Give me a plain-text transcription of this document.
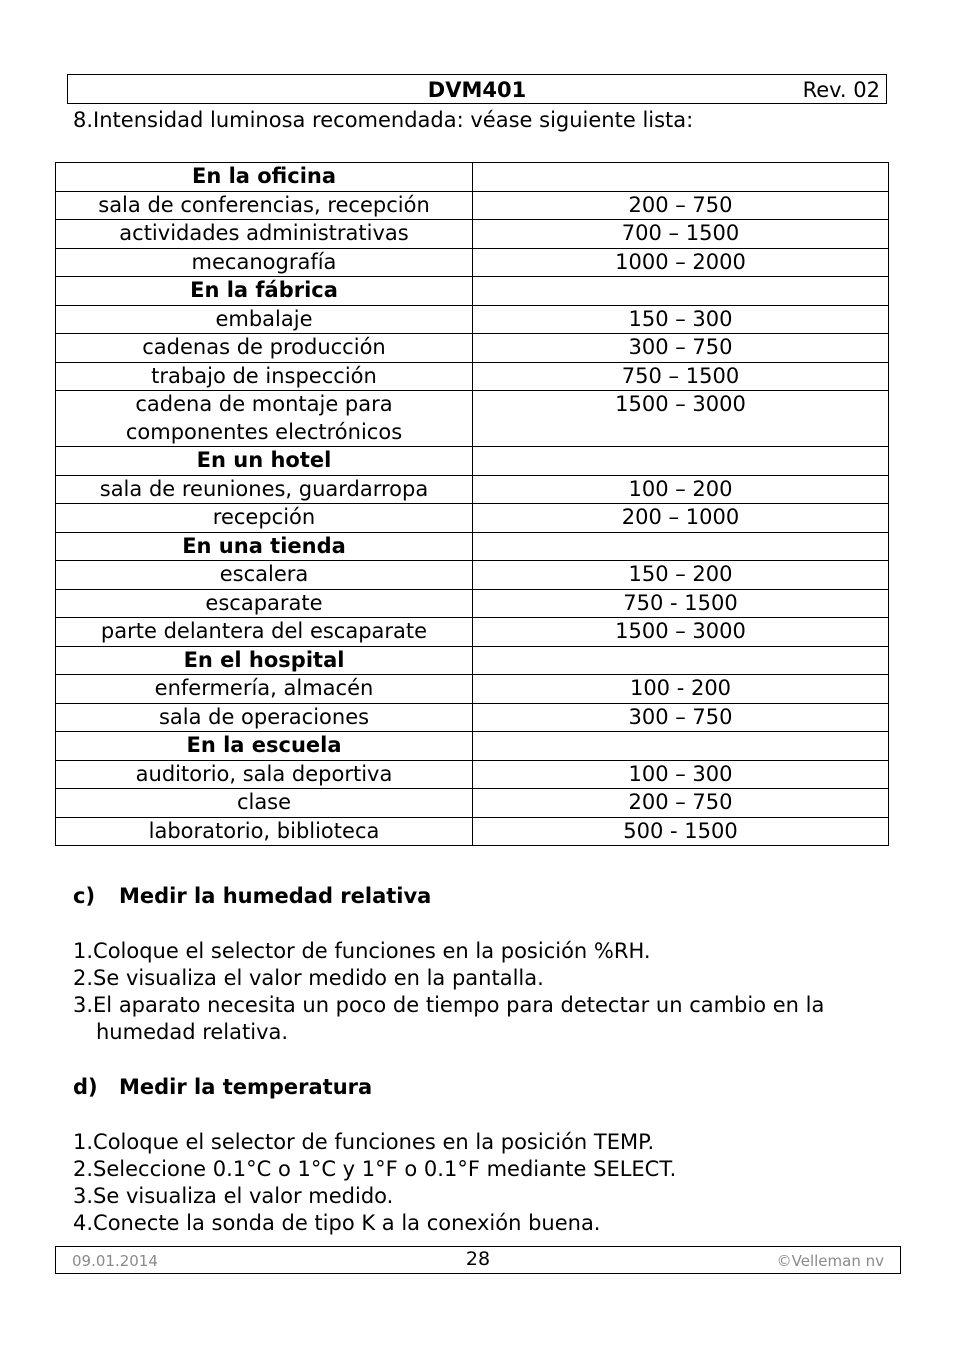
DVM401	Rev. 02

8.Intensidad luminosa recomendada: véase siguiente lista:

En la oficina	
sala de conferencias, recepción	200 – 750
actividades administrativas	700 – 1500
mecanografía	1000 – 2000
En la fábrica	
embalaje	150 – 300
cadenas de producción	300 – 750
trabajo de inspección	750 – 1500
cadena de montaje para componentes electrónicos	1500 – 3000
En un hotel	
sala de reuniones, guardarropa	100 – 200
recepción	200 – 1000
En una tienda	
escalera	150 – 200
escaparate	750 - 1500
parte delantera del escaparate	1500 – 3000
En el hospital	
enfermería, almacén	100 - 200
sala de operaciones	300 – 750
En la escuela	
auditorio, sala deportiva	100 – 300
clase	200 – 750
laboratorio, biblioteca	500 - 1500

c) Medir la humedad relativa

1.Coloque el selector de funciones en la posición %RH.
2.Se visualiza el valor medido en la pantalla.
3.El aparato necesita un poco de tiempo para detectar un cambio en la humedad relativa.

d) Medir la temperatura

1.Coloque el selector de funciones en la posición TEMP.
2.Seleccione 0.1°C o 1°C y 1°F o 0.1°F mediante SELECT.
3.Se visualiza el valor medido.
4.Conecte la sonda de tipo K a la conexión buena.
09.01.2014	28	©Velleman nv
